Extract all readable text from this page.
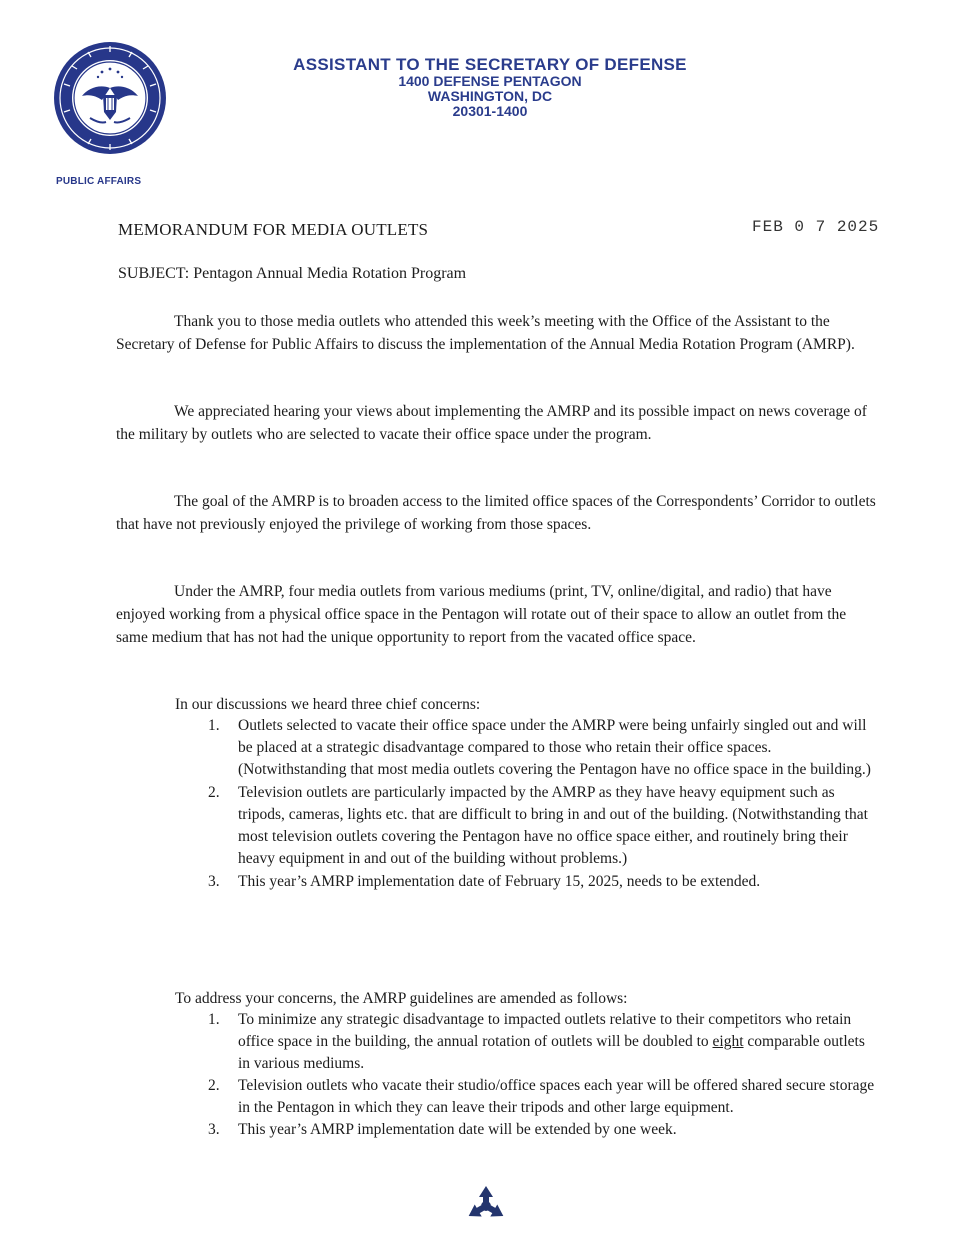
PUBLIC AFFAIRS
ASSISTANT TO THE SECRETARY OF DEFENSE
1400 DEFENSE PENTAGON
WASHINGTON, DC
20301-1400
MEMORANDUM FOR MEDIA OUTLETS	FEB 0 7 2025
SUBJECT: Pentagon Annual Media Rotation Program

Thank you to those media outlets who attended this week’s meeting with the Office of the Assistant to the Secretary of Defense for Public Affairs to discuss the implementation of the Annual Media Rotation Program (AMRP).

We appreciated hearing your views about implementing the AMRP and its possible impact on news coverage of the military by outlets who are selected to vacate their office space under the program.

The goal of the AMRP is to broaden access to the limited office spaces of the Correspondents’ Corridor to outlets that have not previously enjoyed the privilege of working from those spaces.

Under the AMRP, four media outlets from various mediums (print, TV, online/digital, and radio) that have enjoyed working from a physical office space in the Pentagon will rotate out of their space to allow an outlet from the same medium that has not had the unique opportunity to report from the vacated office space.

In our discussions we heard three chief concerns:
1.	Outlets selected to vacate their office space under the AMRP were being unfairly singled out and will be placed at a strategic disadvantage compared to those who retain their office spaces. (Notwithstanding that most media outlets covering the Pentagon have no office space in the building.)
2.	Television outlets are particularly impacted by the AMRP as they have heavy equipment such as tripods, cameras, lights etc. that are difficult to bring in and out of the building. (Notwithstanding that most television outlets covering the Pentagon have no office space either, and routinely bring their heavy equipment in and out of the building without problems.)
3.	This year’s AMRP implementation date of February 15, 2025, needs to be extended.
To address your concerns, the AMRP guidelines are amended as follows:
1.	To minimize any strategic disadvantage to impacted outlets relative to their competitors who retain office space in the building, the annual rotation of outlets will be doubled to eight comparable outlets in various mediums.
2.	Television outlets who vacate their studio/office spaces each year will be offered shared secure storage in the Pentagon in which they can leave their tripods and other large equipment.
3.	This year’s AMRP implementation date will be extended by one week.
